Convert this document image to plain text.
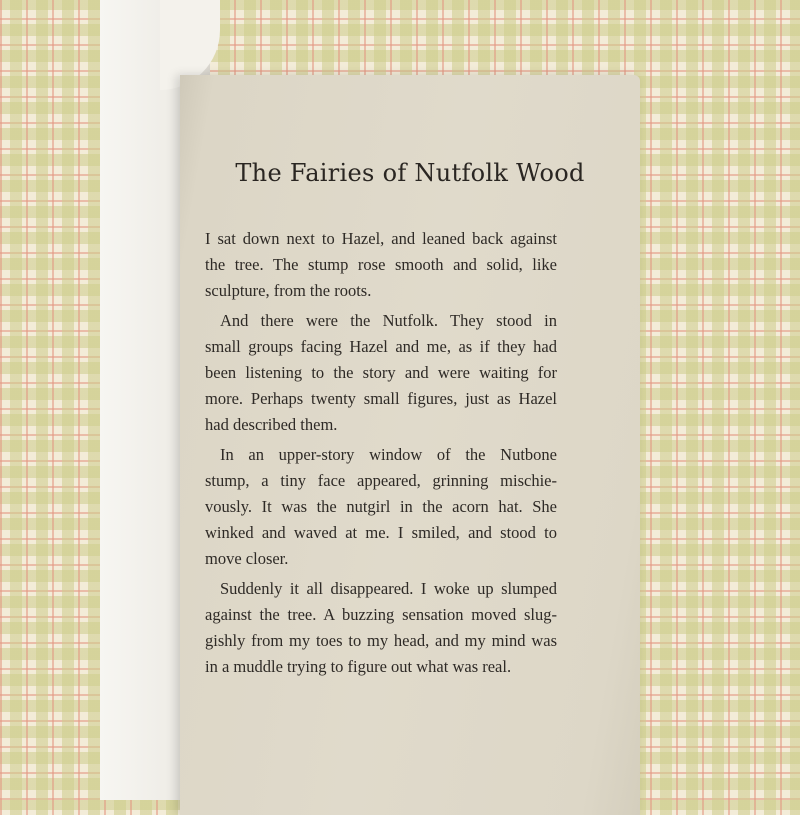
The Fairies of Nutfolk Wood
I sat down next to Hazel, and leaned back against
the tree. The stump rose smooth and solid, like
sculpture, from the roots.
And there were the Nutfolk. They stood in
small groups facing Hazel and me, as if they had
been listening to the story and were waiting for
more. Perhaps twenty small figures, just as Hazel
had described them.
In an upper-story window of the Nutbone
stump, a tiny face appeared, grinning mischie-
vously. It was the nutgirl in the acorn hat. She
winked and waved at me. I smiled, and stood to
move closer.
Suddenly it all disappeared. I woke up slumped
against the tree. A buzzing sensation moved slug-
gishly from my toes to my head, and my mind was
in a muddle trying to figure out what was real.
